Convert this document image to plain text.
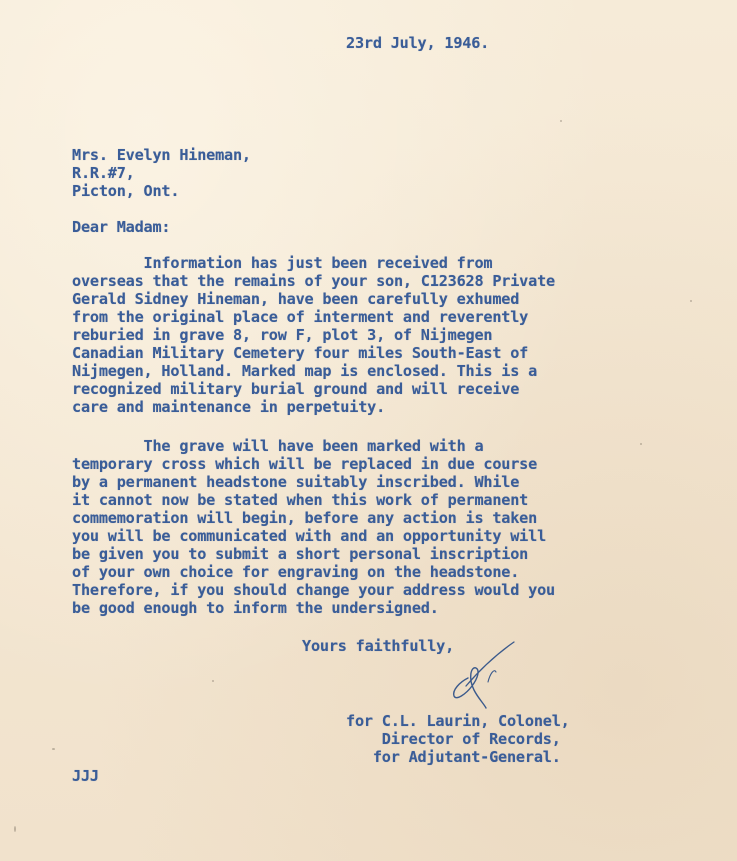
23rd July, 1946.
Mrs. Evelyn Hineman,
R.R.#7,
Picton, Ont.
Dear Madam:
Information has just been received from
overseas that the remains of your son, C123628 Private
Gerald Sidney Hineman, have been carefully exhumed
from the original place of interment and reverently
reburied in grave 8, row F, plot 3, of Nijmegen
Canadian Military Cemetery four miles South-East of
Nijmegen, Holland. Marked map is enclosed. This is a
recognized military burial ground and will receive
care and maintenance in perpetuity.
The grave will have been marked with a
temporary cross which will be replaced in due course
by a permanent headstone suitably inscribed. While
it cannot now be stated when this work of permanent
commemoration will begin, before any action is taken
you will be communicated with and an opportunity will
be given you to submit a short personal inscription
of your own choice for engraving on the headstone.
Therefore, if you should change your address would you
be good enough to inform the undersigned.
Yours faithfully,
for C.L. Laurin, Colonel,
Director of Records,
for Adjutant-General.
JJJ
